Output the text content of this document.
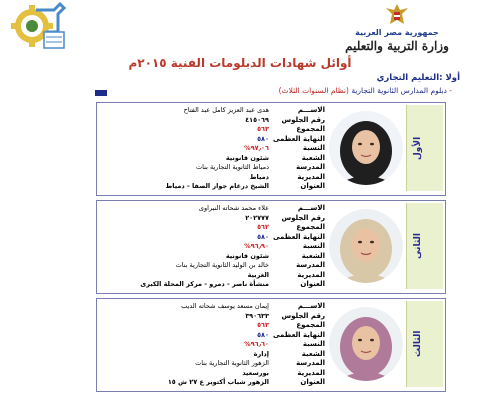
جمهورية مصر العربية
وزارة التربية والتعليم
أوائل شهادات الدبلومات الفنية ٢٠١٥م
أولا :التعليم التجاري
- دبلوم المدارس الثانوية التجارية (نظام السنوات الثلاث)
الاســـم
هدى عبد العزيز كامل عبد الفتاح
رقم الجلوس
٤١٥٠٦٩
المجموع
٥٦٣
النهاية العظمى
٥٨٠
النسبة
٩٧٫٠٦%
الشعبة
شئون قانونية
المدرسة
دمياط الثانوية التجارية بنات
المديرية
دمياط
العنوان
الشيخ درغام جوار الصفا - دمياط
الأول
الاســـم
علاء محمد شحاته النبراوى
رقم الجلوس
٢٠٢٧٧٧
المجموع
٥٦٢
النهاية العظمى
٥٨٠
النسبة
٩٦٫٩٠%
الشعبة
شئون قانونية
المدرسة
خالد بن الوليد الثانوية التجارية بنات
المديرية
الغربية
العنوان
منشأة ناصر - دمرو - مركز المحلة الكبرى
الثانى
الاســـم
إيمان مسعد يوسف شحاته الديب
رقم الجلوس
٣٩٠٦٣٣
المجموع
٥٦٣
النهاية العظمى
٥٨٠
النسبة
٩٦٫٦٠%
الشعبة
إدارة
المدرسة
الزهور الثانوية التجارية بنات
المديرية
بورسعيد
العنوان
الزهور شباب أكتوبر ع ٢٧ ش ١٥
الثالث
